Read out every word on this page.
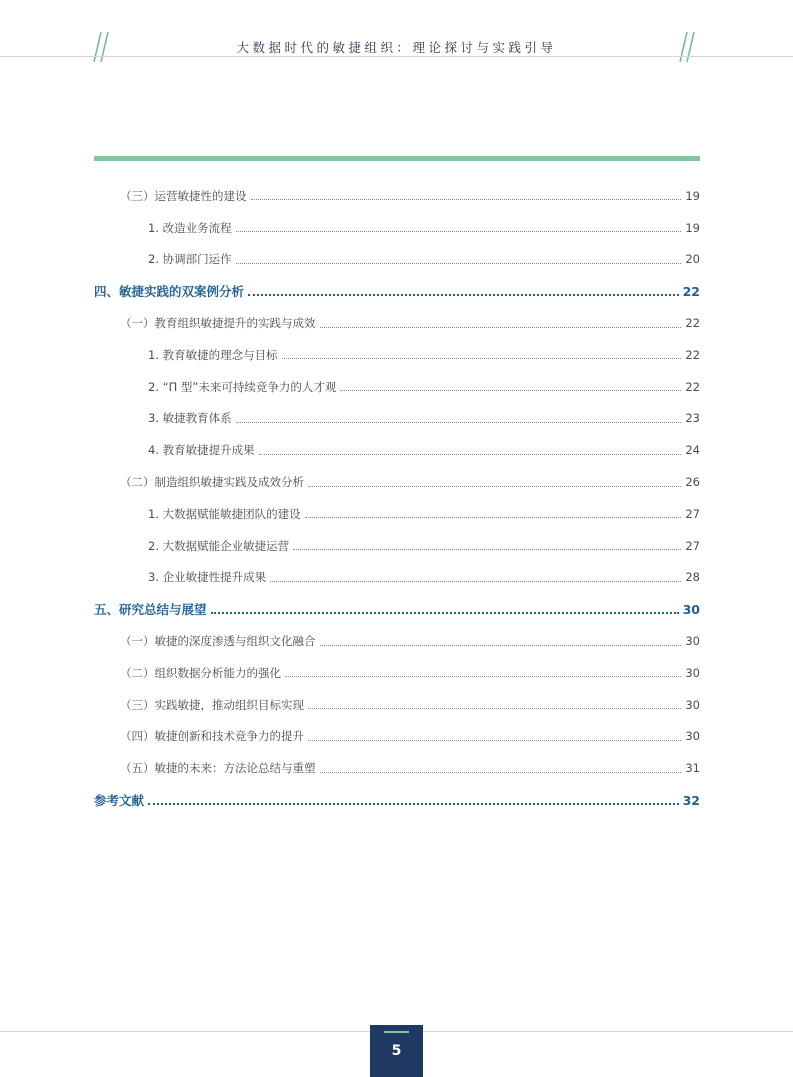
大数据时代的敏捷组织：理论探讨与实践引导
（三）运营敏捷性的建设	19
1. 改造业务流程	19
2. 协调部门运作	20
四、敏捷实践的双案例分析	22
（一）教育组织敏捷提升的实践与成效	22
1. 教育敏捷的理念与目标	22
2. “Π 型”未来可持续竞争力的人才观	22
3. 敏捷教育体系	23
4. 教育敏捷提升成果	24
（二）制造组织敏捷实践及成效分析	26
1. 大数据赋能敏捷团队的建设	27
2. 大数据赋能企业敏捷运营	27
3. 企业敏捷性提升成果	28
五、研究总结与展望	30
（一）敏捷的深度渗透与组织文化融合	30
（二）组织数据分析能力的强化	30
（三）实践敏捷，推动组织目标实现	30
（四）敏捷创新和技术竞争力的提升	30
（五）敏捷的未来：方法论总结与重塑	31
参考文献	32
5
